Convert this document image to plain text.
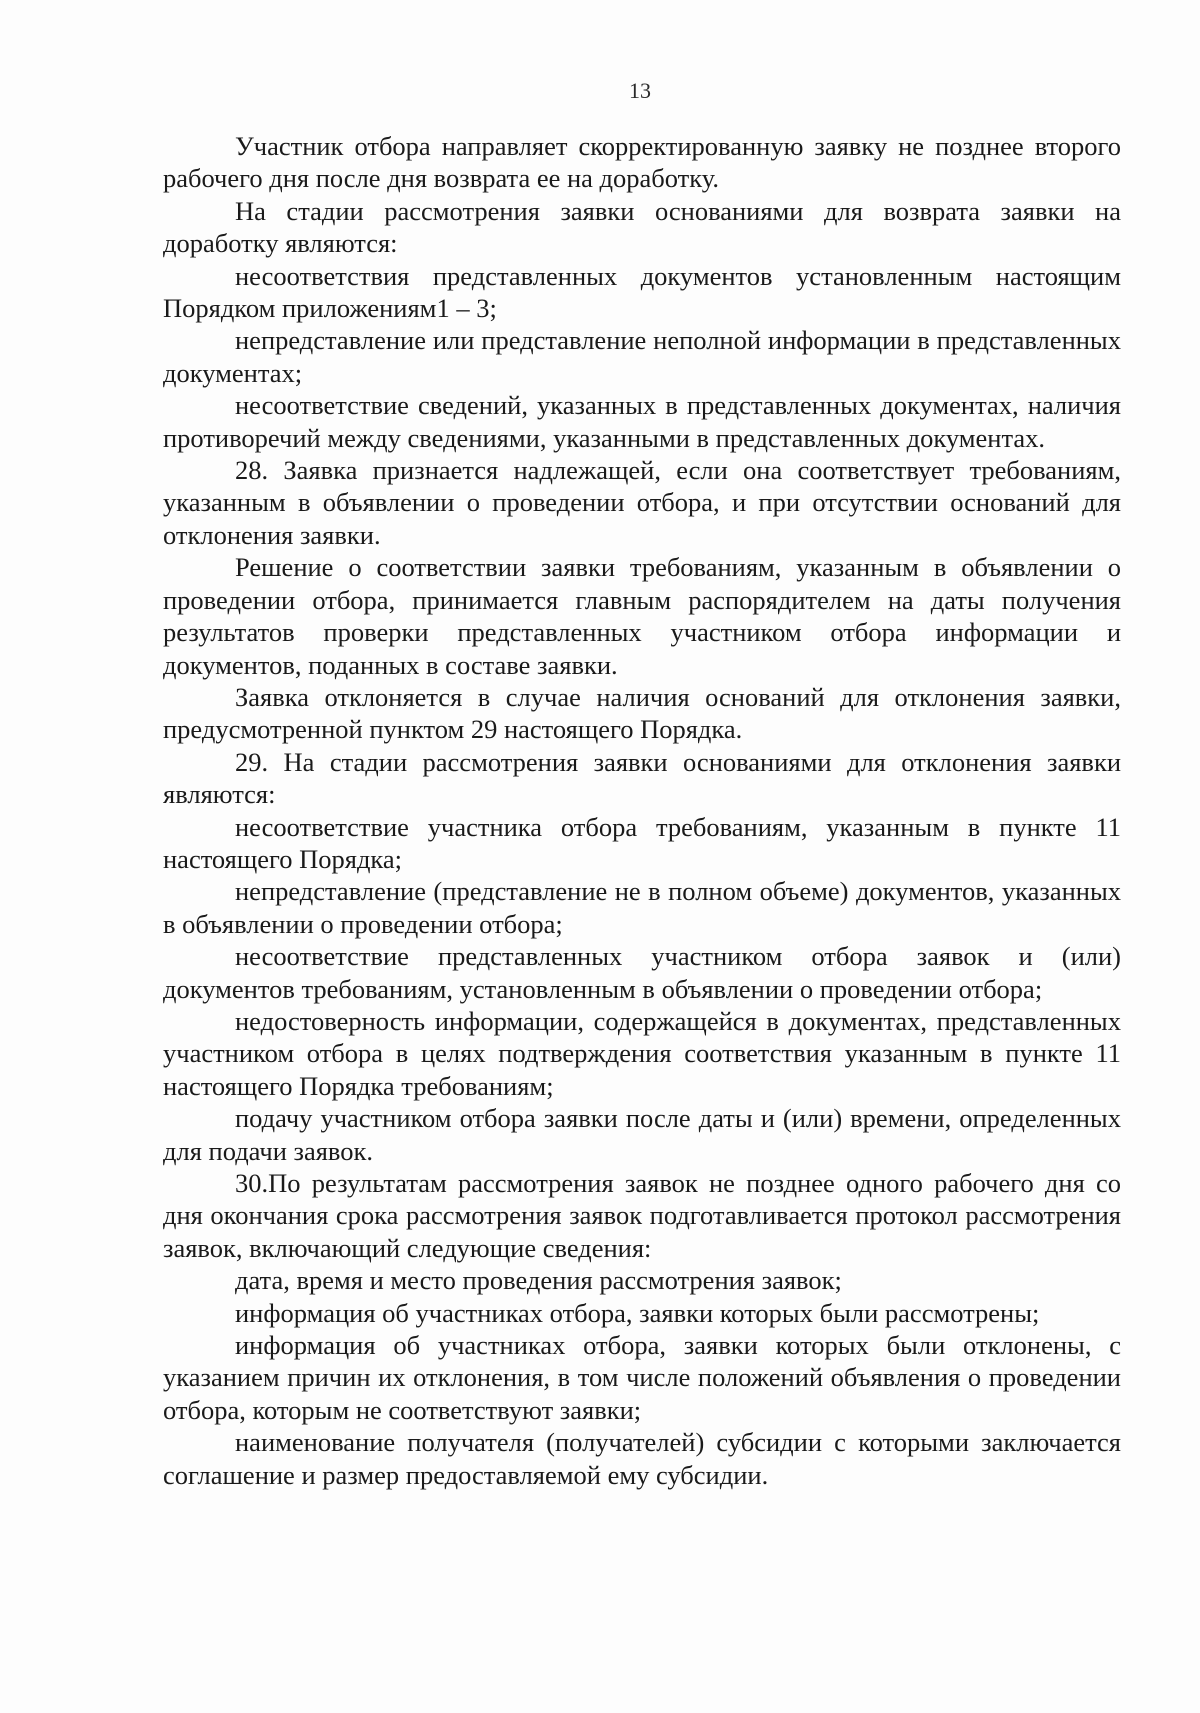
13

Участник отбора направляет скорректированную заявку не позднее второго рабочего дня после дня возврата ее на доработку.

На стадии рассмотрения заявки основаниями для возврата заявки на доработку являются:

несоответствия представленных документов установленным настоящим Порядком приложениям1 – 3;

непредставление или представление неполной информации в представленных документах;

несоответствие сведений, указанных в представленных документах, наличия противоречий между сведениями, указанными в представленных документах.

28. Заявка признается надлежащей, если она соответствует требованиям, указанным в объявлении о проведении отбора, и при отсутствии оснований для отклонения заявки.

Решение о соответствии заявки требованиям, указанным в объявлении о проведении отбора, принимается главным распорядителем на даты получения результатов проверки представленных участником отбора информации и документов, поданных в составе заявки.

Заявка отклоняется в случае наличия оснований для отклонения заявки, предусмотренной пунктом 29 настоящего Порядка.

29. На стадии рассмотрения заявки основаниями для отклонения заявки являются:

несоответствие участника отбора требованиям, указанным в пункте 11 настоящего Порядка;

непредставление (представление не в полном объеме) документов, указанных в объявлении о проведении отбора;

несоответствие представленных участником отбора заявок и (или) документов требованиям, установленным в объявлении о проведении отбора;

недостоверность информации, содержащейся в документах, представленных участником отбора в целях подтверждения соответствия указанным в пункте 11 настоящего Порядка требованиям;

подачу участником отбора заявки после даты и (или) времени, определенных для подачи заявок.

30.По результатам рассмотрения заявок не позднее одного рабочего дня со дня окончания срока рассмотрения заявок подготавливается протокол рассмотрения заявок, включающий следующие сведения:

дата, время и место проведения рассмотрения заявок;

информация об участниках отбора, заявки которых были рассмотрены;

информация об участниках отбора, заявки которых были отклонены, с указанием причин их отклонения, в том числе положений объявления о проведении отбора, которым не соответствуют заявки;

наименование получателя (получателей) субсидии с которыми заключается соглашение и размер предоставляемой ему субсидии.
